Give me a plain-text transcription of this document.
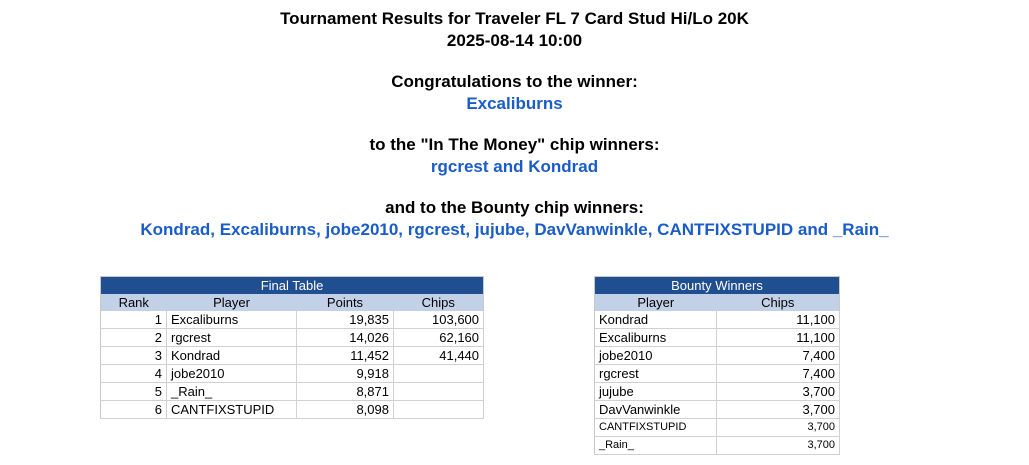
Tournament Results for Traveler FL 7 Card Stud Hi/Lo 20K
2025-08-14 10:00
Congratulations to the winner:
Excaliburns
to the "In The Money" chip winners:
rgcrest and Kondrad
and to the Bounty chip winners:
Kondrad, Excaliburns, jobe2010, rgcrest, jujube, DavVanwinkle, CANTFIXSTUPID and _Rain_
Final Table			
Rank	Player	Points	Chips
1	Excaliburns	19,835	103,600
2	rgcrest	14,026	62,160
3	Kondrad	11,452	41,440
4	jobe2010	9,918	
5	_Rain_	8,871	
6	CANTFIXSTUPID	8,098	
Bounty Winners	
Player	Chips
Kondrad	11,100
Excaliburns	11,100
jobe2010	7,400
rgcrest	7,400
jujube	3,700
DavVanwinkle	3,700
CANTFIXSTUPID	3,700
_Rain_	3,700
